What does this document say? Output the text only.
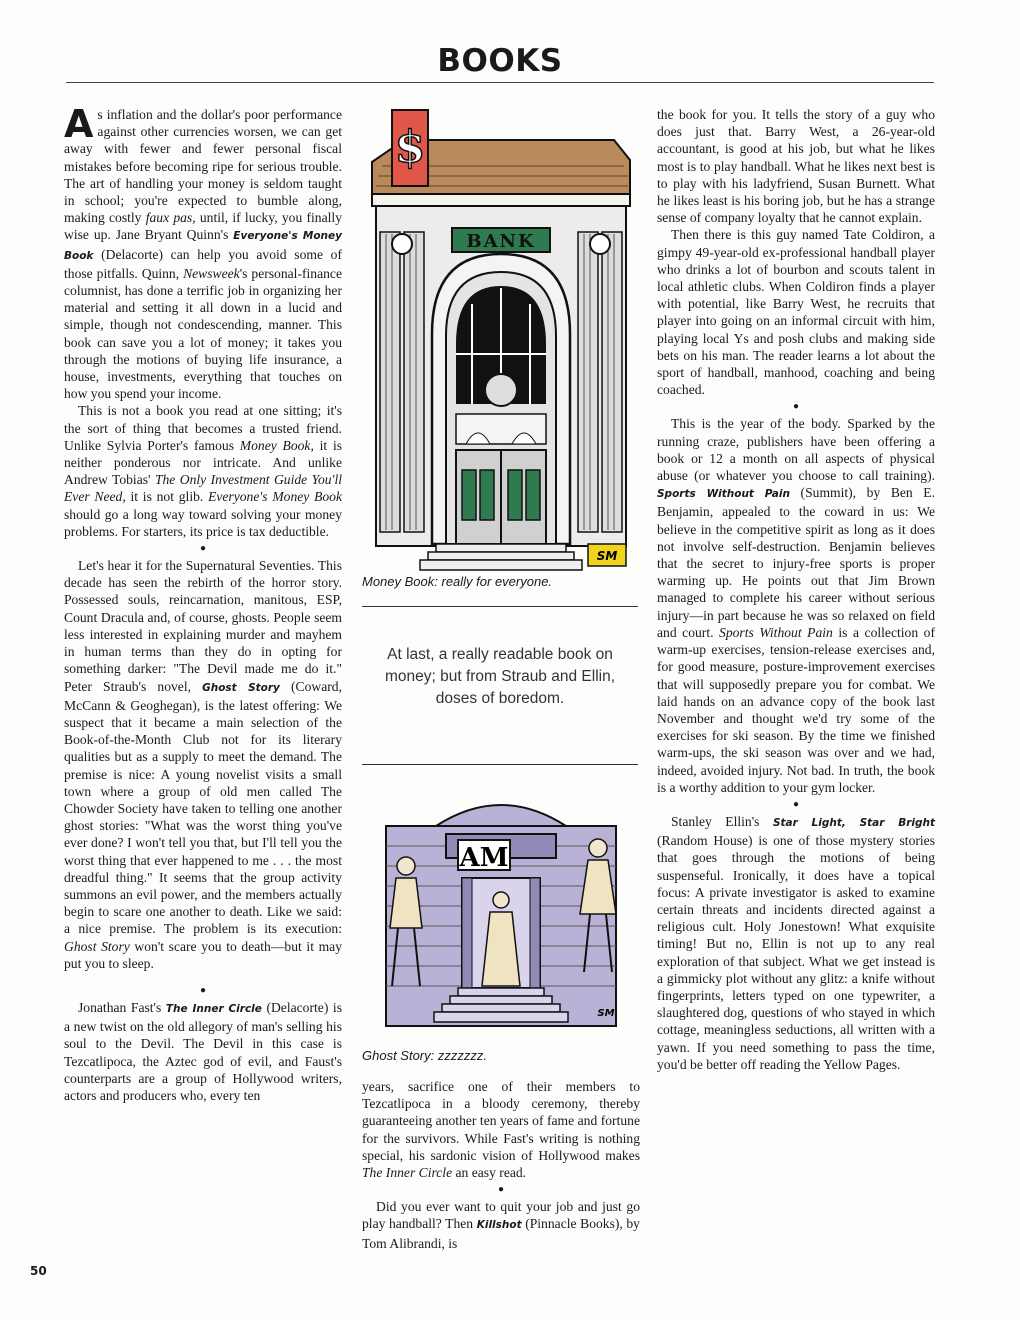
BOOKS

As inflation and the dollar's poor performance against other currencies worsen, we can get away with fewer and fewer personal fiscal mistakes before becoming ripe for serious trouble. The art of handling your money is seldom taught in school; you're expected to bumble along, making costly faux pas, until, if lucky, you finally wise up. Jane Bryant Quinn's Everyone's Money Book (Delacorte) can help you avoid some of those pitfalls. Quinn, Newsweek's personal-finance columnist, has done a terrific job in organizing her material and setting it all down in a lucid and simple, though not condescending, manner. This book can save you a lot of money; it takes you through the motions of buying life insurance, a house, investments, everything that touches on how you spend your income.

This is not a book you read at one sitting; it's the sort of thing that becomes a trusted friend. Unlike Sylvia Porter's famous Money Book, it is neither ponderous nor intricate. And unlike Andrew Tobias' The Only Investment Guide You'll Ever Need, it is not glib. Everyone's Money Book should go a long way toward solving your money problems. For starters, its price is tax deductible.

●

Let's hear it for the Supernatural Seventies. This decade has seen the rebirth of the horror story. Possessed souls, reincarnation, manitous, ESP, Count Dracula and, of course, ghosts. People seem less interested in explaining murder and mayhem in human terms than they do in opting for something darker: "The Devil made me do it." Peter Straub's novel, Ghost Story (Coward, McCann & Geoghegan), is the latest offering: We suspect that it became a main selection of the Book-of-the-Month Club not for its literary qualities but as a supply to meet the demand. The premise is nice: A young novelist visits a small town where a group of old men called The Chowder Society have taken to telling one another ghost stories: "What was the worst thing you've ever done? I won't tell you that, but I'll tell you the worst thing that ever happened to me . . . the most dreadful thing." It seems that the group activity summons an evil power, and the members actually begin to scare one another to death. Like we said: a nice premise. The problem is its execution: Ghost Story won't scare you to death—but it may put you to sleep.

●

Jonathan Fast's The Inner Circle (Delacorte) is a new twist on the old allegory of man's selling his soul to the Devil. The Devil in this case is Tezcatlipoca, the Aztec god of evil, and Faust's counterparts are a group of Hollywood writers, actors and producers who, every ten

$
BANK
SM
Money Book: really for everyone.
At last, a really readable book on money; but from Straub and Ellin, doses of boredom.
AM
SM
Ghost Story: zzzzzzz.

years, sacrifice one of their members to Tezcatlipoca in a bloody ceremony, thereby guaranteeing another ten years of fame and fortune for the survivors. While Fast's writing is nothing special, his sardonic vision of Hollywood makes The Inner Circle an easy read.

●

Did you ever want to quit your job and just go play handball? Then Killshot (Pinnacle Books), by Tom Alibrandi, is

the book for you. It tells the story of a guy who does just that. Barry West, a 26-year-old accountant, is good at his job, but what he likes most is to play handball. What he likes next best is to play with his ladyfriend, Susan Burnett. What he likes least is his boring job, but he has a strange sense of company loyalty that he cannot explain.

Then there is this guy named Tate Coldiron, a gimpy 49-year-old ex-professional handball player who drinks a lot of bourbon and scouts talent in local athletic clubs. When Coldiron finds a player with potential, like Barry West, he recruits that player into going on an informal circuit with him, playing local Ys and posh clubs and making side bets on his man. The reader learns a lot about the sport of handball, manhood, coaching and being coached.

●

This is the year of the body. Sparked by the running craze, publishers have been offering a book or 12 a month on all aspects of physical abuse (or whatever you choose to call training). Sports Without Pain (Summit), by Ben E. Benjamin, appealed to the coward in us: We believe in the competitive spirit as long as it does not involve self-destruction. Benjamin believes that the secret to injury-free sports is proper warming up. He points out that Jim Brown managed to complete his career without serious injury—in part because he was so relaxed on field and court. Sports Without Pain is a collection of warm-up exercises, tension-release exercises and, for good measure, posture-improvement exercises that will supposedly prepare you for combat. We laid hands on an advance copy of the book last November and thought we'd try some of the exercises for ski season. By the time we finished warm-ups, the ski season was over and we had, indeed, avoided injury. Not bad. In truth, the book is a worthy addition to your gym locker.

●

Stanley Ellin's Star Light, Star Bright (Random House) is one of those mystery stories that goes through the motions of being suspenseful. Ironically, it does have a topical focus: A private investigator is asked to examine certain threats and incidents directed against a religious cult. Holy Jonestown! What exquisite timing! But no, Ellin is not up to any real exploration of that subject. What we get instead is a gimmicky plot without any glitz: a knife without fingerprints, letters typed on one typewriter, a slaughtered dog, questions of who stayed in which cottage, meaningless seductions, all written with a yawn. If you need something to pass the time, you'd be better off reading the Yellow Pages.

50
